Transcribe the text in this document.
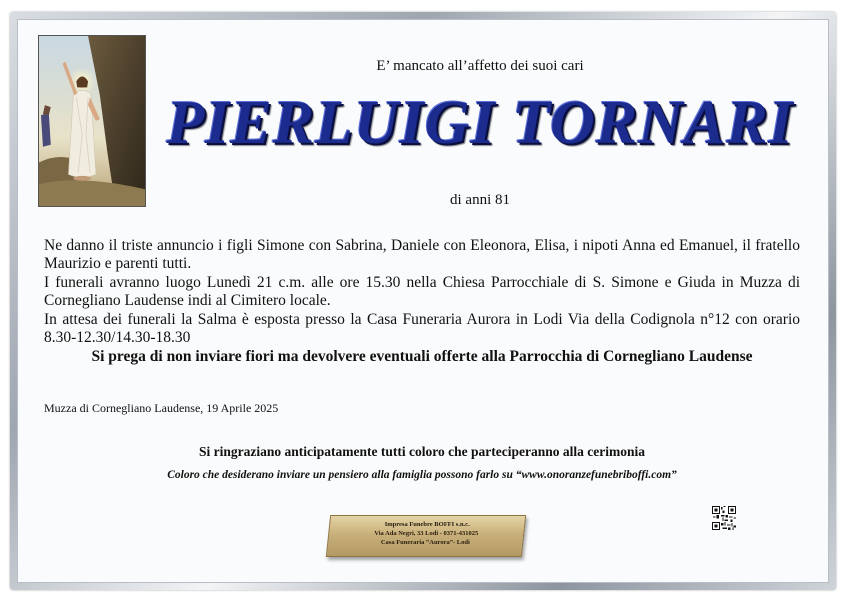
E’ mancato all’affetto dei suoi cari
PIERLUIGI TORNARI
di anni 81

Ne danno il triste annuncio i figli Simone con Sabrina, Daniele con Eleonora, Elisa, i nipoti Anna ed Emanuel, il fratello Maurizio e parenti tutti.

I funerali avranno luogo Lunedì 21 c.m. alle ore 15.30 nella Chiesa Parrocchiale di S. Simone e Giuda in Muzza di Cornegliano Laudense indi al Cimitero locale.

In attesa dei funerali la Salma è esposta presso la Casa Funeraria Aurora in Lodi Via della Codignola n°12 con orario 8.30-12.30/14.30-18.30

Si prega di non inviare fiori ma devolvere eventuali offerte alla Parrocchia di Cornegliano Laudense

Muzza di Cornegliano Laudense, 19 Aprile 2025
Si ringraziano anticipatamente tutti coloro che parteciperanno alla cerimonia
Coloro che desiderano inviare un pensiero alla famiglia possono farlo su “www.onoranzefunebriboffi.com”
Impresa Funebre BOFFI s.n.c.
Via Ada Negri, 33 Lodi - 0371-431025
Casa Funeraria “Aurora”- Lodi
